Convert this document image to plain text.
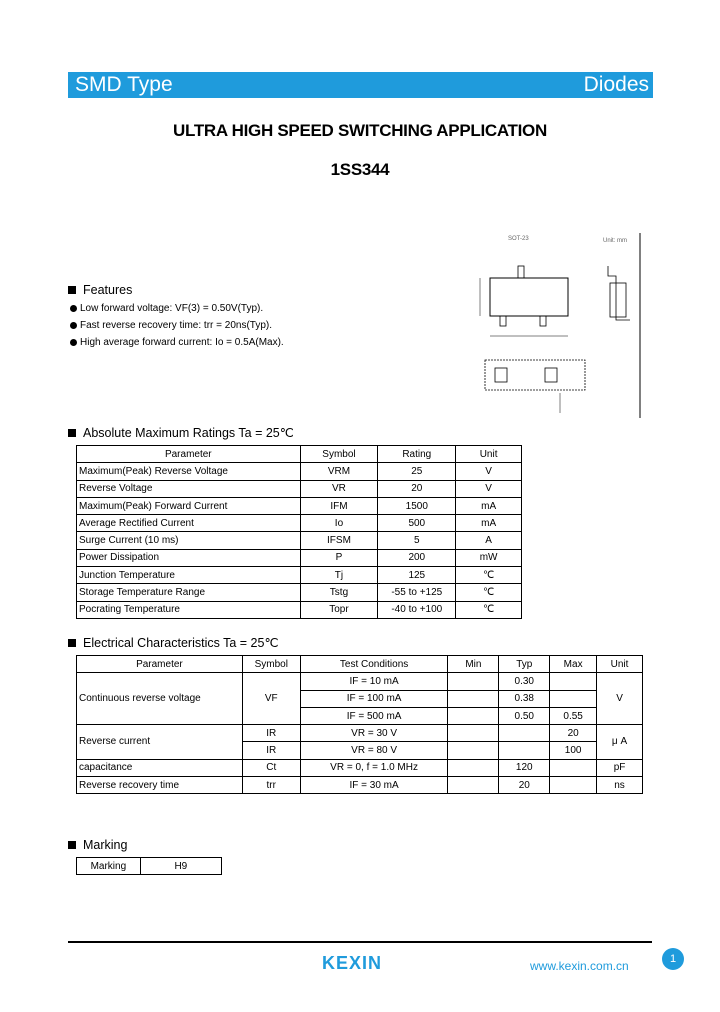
SMD Type	Diodes
ULTRA HIGH SPEED SWITCHING APPLICATION
1SS344
SOT-23	Unit: mm
Features
Low forward voltage: VF(3) = 0.50V(Typ).
Fast reverse recovery time: trr = 20ns(Typ).
High average forward current: Io = 0.5A(Max).
Absolute Maximum Ratings Ta = 25℃
Parameter	Symbol	Rating	Unit
Maximum(Peak) Reverse Voltage	VRM	25	V
Reverse Voltage	VR	20	V
Maximum(Peak) Forward Current	IFM	1500	mA
Average Rectified Current	Io	500	mA
Surge Current (10 ms)	IFSM	5	A
Power Dissipation	P	200	mW
Junction Temperature	Tj	125	℃
Storage Temperature Range	Tstg	-55 to +125	℃
Pocrating Temperature	Topr	-40 to +100	℃
Electrical Characteristics Ta = 25℃
Parameter	Symbol	Test Conditions	Min	Typ	Max	Unit
Continuous reverse voltage	VF	IF = 10 mA		0.30		V
		IF = 100 mA		0.38		
		IF = 500 mA		0.50	0.55	
Reverse current	IR	VR = 30 V			20	μ A
	IR	VR = 80 V			100	
capacitance	Ct	VR = 0, f = 1.0 MHz		120		pF
Reverse recovery time	trr	IF = 30 mA		20		ns
Marking
Marking	H9
KEXIN	www.kexin.com.cn	1
